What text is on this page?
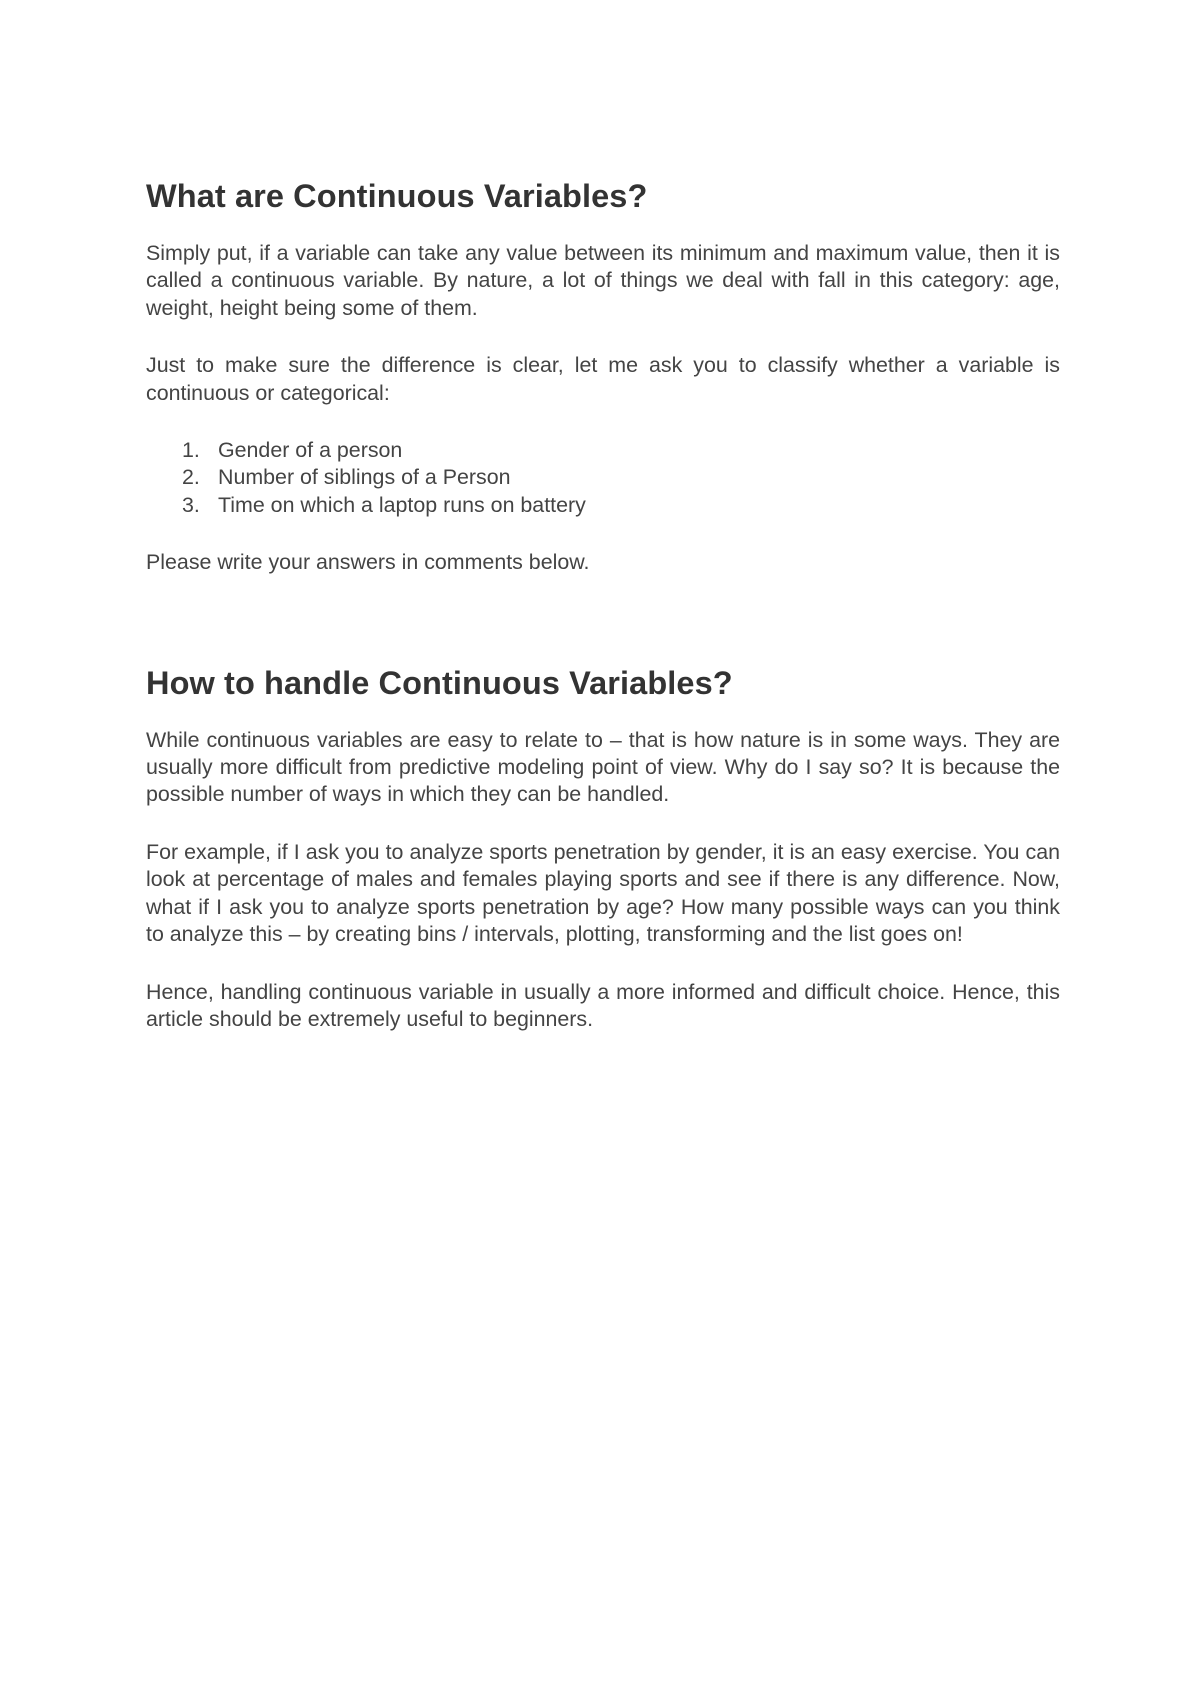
What are Continuous Variables?

Simply put, if a variable can take any value between its minimum and maximum value, then it is called a continuous variable. By nature, a lot of things we deal with fall in this category: age, weight, height being some of them.

Just to make sure the difference is clear, let me ask you to classify whether a variable is continuous or categorical:

1. Gender of a person
2. Number of siblings of a Person
3. Time on which a laptop runs on battery

Please write your answers in comments below.

How to handle Continuous Variables?

While continuous variables are easy to relate to – that is how nature is in some ways. They are usually more difficult from predictive modeling point of view. Why do I say so? It is because the possible number of ways in which they can be handled.

For example, if I ask you to analyze sports penetration by gender, it is an easy exercise. You can look at percentage of males and females playing sports and see if there is any difference. Now, what if I ask you to analyze sports penetration by age? How many possible ways can you think to analyze this – by creating bins / intervals, plotting, transforming and the list goes on!

Hence, handling continuous variable in usually a more informed and difficult choice. Hence, this article should be extremely useful to beginners.
